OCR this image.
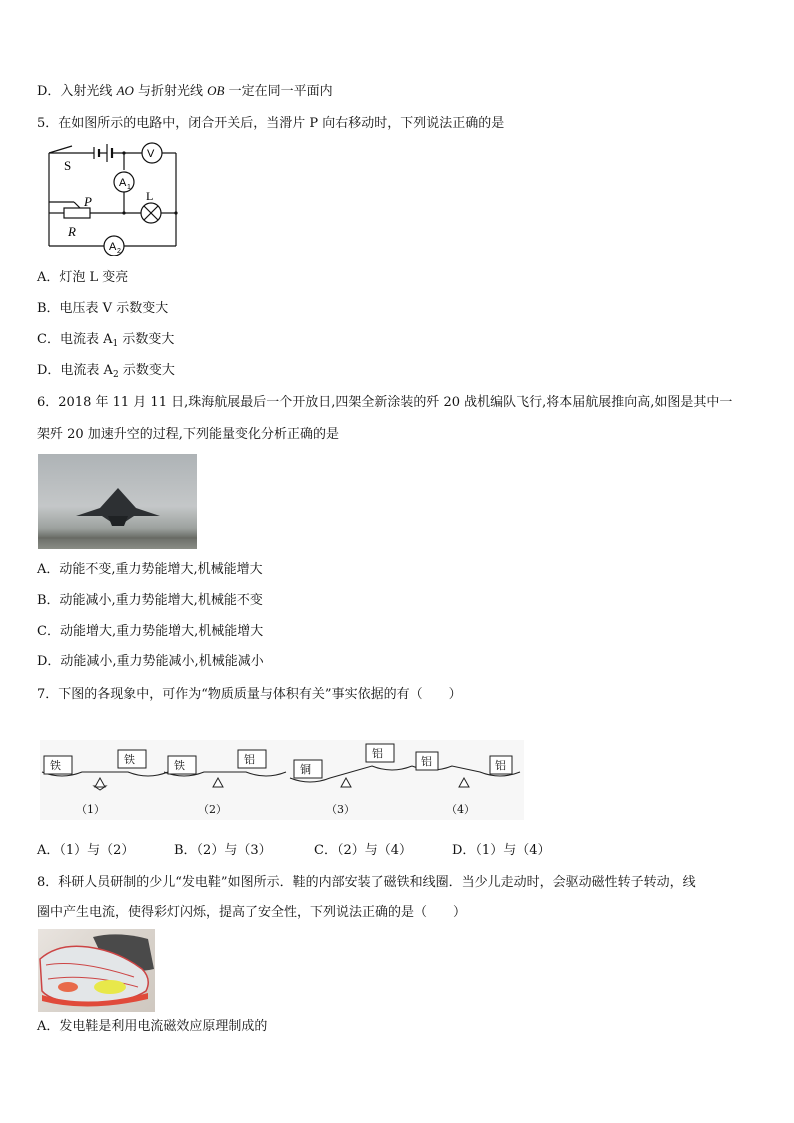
D．入射光线 AO 与折射光线 OB 一定在同一平面内
5．在如图所示的电路中，闭合开关后，当滑片 P 向右移动时，下列说法正确的是
S
V
A 1
L
P
R
A 2
A．灯泡 L 变亮
B．电压表 V 示数变大
C．电流表 $A_1$ 示数变大
D．电流表 $A_2$ 示数变大
6．2018 年 11 月 11 日,珠海航展最后一个开放日,四架全新涂装的歼 20 战机编队飞行,将本届航展推向高,如图是其中一
架歼 20 加速升空的过程,下列能量变化分析正确的是
A．动能不变,重力势能增大,机械能增大
B．动能减小,重力势能增大,机械能不变
C．动能增大,重力势能增大,机械能增大
D．动能减小,重力势能减小,机械能减小
7．下图的各现象中，可作为“物质质量与体积有关”事实依据的有（　　）
铁	铁	铁	铝
铜
铝
铝	铝
（1）	（2）	（3）	（4）
A．（1）与（2）	B．（2）与（3）	C．（2）与（4）	D．（1）与（4）
8．科研人员研制的少儿“发电鞋”如图所示．鞋的内部安装了磁铁和线圈．当少儿走动时，会驱动磁性转子转动，线
圈中产生电流，使得彩灯闪烁，提高了安全性，下列说法正确的是（　　）
A．发电鞋是利用电流磁效应原理制成的
